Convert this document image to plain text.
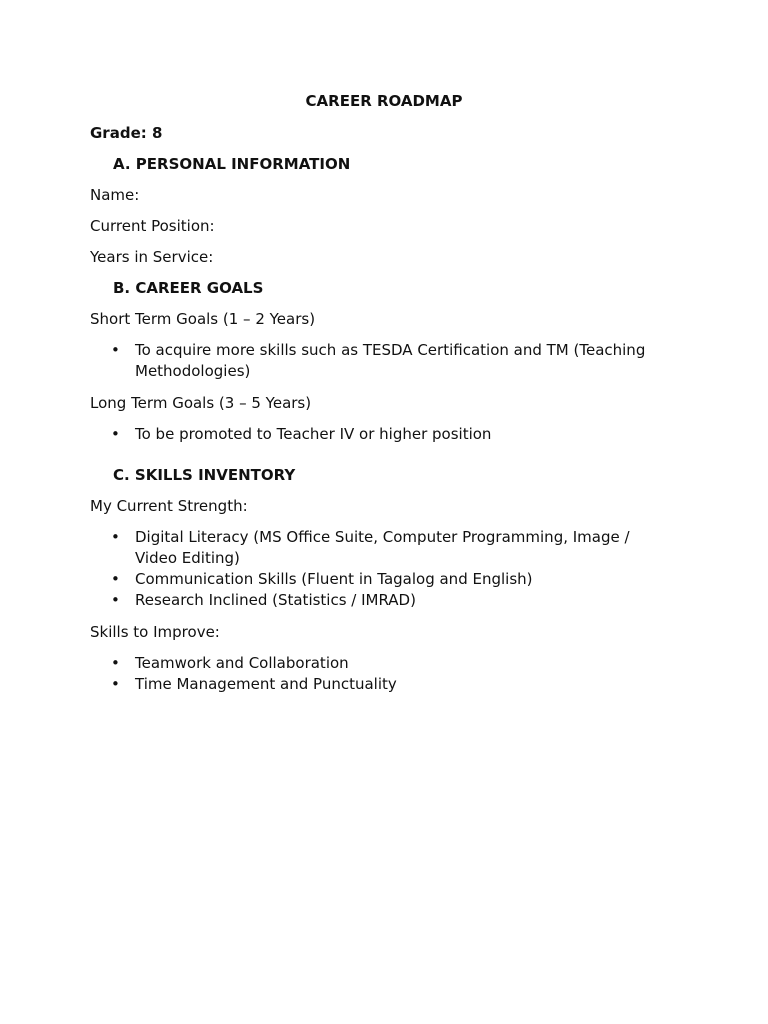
CAREER ROADMAP
Grade: 8
A. PERSONAL INFORMATION
Name:
Current Position:
Years in Service:
B. CAREER GOALS
Short Term Goals (1 – 2 Years)
• To acquire more skills such as TESDA Certification and TM (Teaching Methodologies)
Long Term Goals (3 – 5 Years)
• To be promoted to Teacher IV or higher position
C. SKILLS INVENTORY
My Current Strength:
• Digital Literacy (MS Office Suite, Computer Programming, Image / Video Editing)
• Communication Skills (Fluent in Tagalog and English)
• Research Inclined (Statistics / IMRAD)
Skills to Improve:
• Teamwork and Collaboration
• Time Management and Punctuality
